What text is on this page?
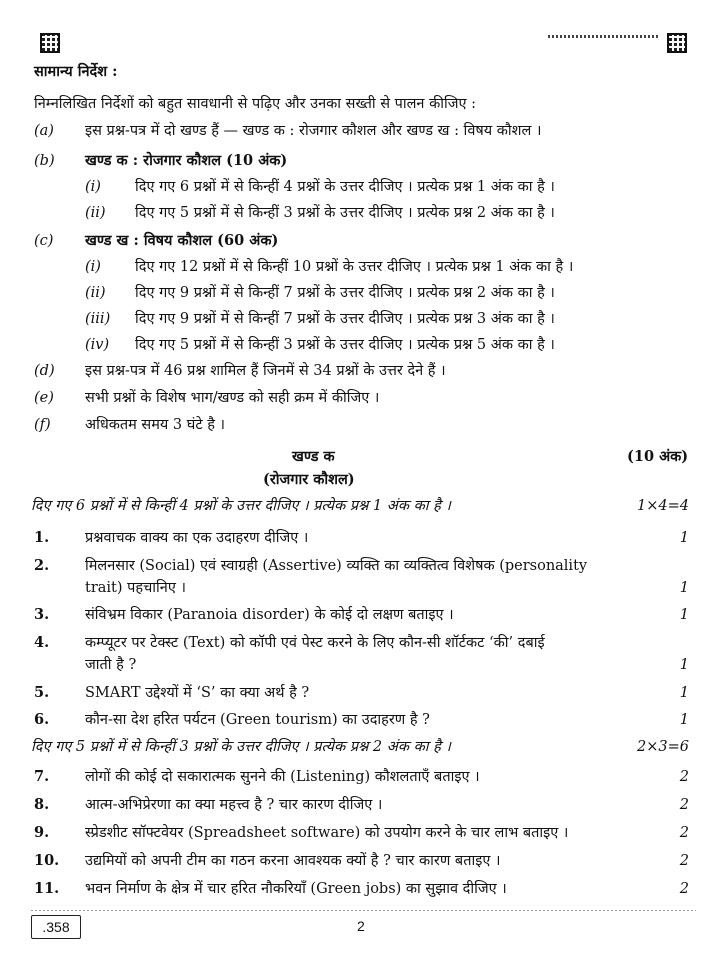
सामान्य निर्देश :
निम्नलिखित निर्देशों को बहुत सावधानी से पढ़िए और उनका सख्ती से पालन कीजिए :
(a) इस प्रश्न-पत्र में दो खण्ड हैं — खण्ड क : रोजगार कौशल और खण्ड ख : विषय कौशल ।
(b) खण्ड क : रोजगार कौशल (10 अंक)
(i) दिए गए 6 प्रश्नों में से किन्हीं 4 प्रश्नों के उत्तर दीजिए । प्रत्येक प्रश्न 1 अंक का है ।
(ii) दिए गए 5 प्रश्नों में से किन्हीं 3 प्रश्नों के उत्तर दीजिए । प्रत्येक प्रश्न 2 अंक का है ।
(c) खण्ड ख : विषय कौशल (60 अंक)
(i) दिए गए 12 प्रश्नों में से किन्हीं 10 प्रश्नों के उत्तर दीजिए । प्रत्येक प्रश्न 1 अंक का है ।
(ii) दिए गए 9 प्रश्नों में से किन्हीं 7 प्रश्नों के उत्तर दीजिए । प्रत्येक प्रश्न 2 अंक का है ।
(iii) दिए गए 9 प्रश्नों में से किन्हीं 7 प्रश्नों के उत्तर दीजिए । प्रत्येक प्रश्न 3 अंक का है ।
(iv) दिए गए 5 प्रश्नों में से किन्हीं 3 प्रश्नों के उत्तर दीजिए । प्रत्येक प्रश्न 5 अंक का है ।
(d) इस प्रश्न-पत्र में 46 प्रश्न शामिल हैं जिनमें से 34 प्रश्नों के उत्तर देने हैं ।
(e) सभी प्रश्नों के विशेष भाग/खण्ड को सही क्रम में कीजिए ।
(f) अधिकतम समय 3 घंटे है ।
खण्ड क	(10 अंक)
(रोजगार कौशल)
दिए गए 6 प्रश्नों में से किन्हीं 4 प्रश्नों के उत्तर दीजिए । प्रत्येक प्रश्न 1 अंक का है ।	1×4=4
1. प्रश्नवाचक वाक्य का एक उदाहरण दीजिए ।	1
2. मिलनसार (Social) एवं स्वाग्रही (Assertive) व्यक्ति का व्यक्तित्व विशेषक (personality
trait) पहचानिए ।	1
3. संविभ्रम विकार (Paranoia disorder) के कोई दो लक्षण बताइए ।	1
4. कम्प्यूटर पर टेक्स्ट (Text) को कॉपी एवं पेस्ट करने के लिए कौन-सी शॉर्टकट ‘की’ दबाई
जाती है ?	1
5. SMART उद्देश्यों में ‘S’ का क्या अर्थ है ?	1
6. कौन-सा देश हरित पर्यटन (Green tourism) का उदाहरण है ?	1
दिए गए 5 प्रश्नों में से किन्हीं 3 प्रश्नों के उत्तर दीजिए । प्रत्येक प्रश्न 2 अंक का है ।	2×3=6
7. लोगों की कोई दो सकारात्मक सुनने की (Listening) कौशलताएँ बताइए ।	2
8. आत्म-अभिप्रेरणा का क्या महत्त्व है ? चार कारण दीजिए ।	2
9. स्प्रेडशीट सॉफ्टवेयर (Spreadsheet software) को उपयोग करने के चार लाभ बताइए ।	2
10. उद्यमियों को अपनी टीम का गठन करना आवश्यक क्यों है ? चार कारण बताइए ।	2
11. भवन निर्माण के क्षेत्र में चार हरित नौकरियाँ (Green jobs) का सुझाव दीजिए ।	2
.358	2
